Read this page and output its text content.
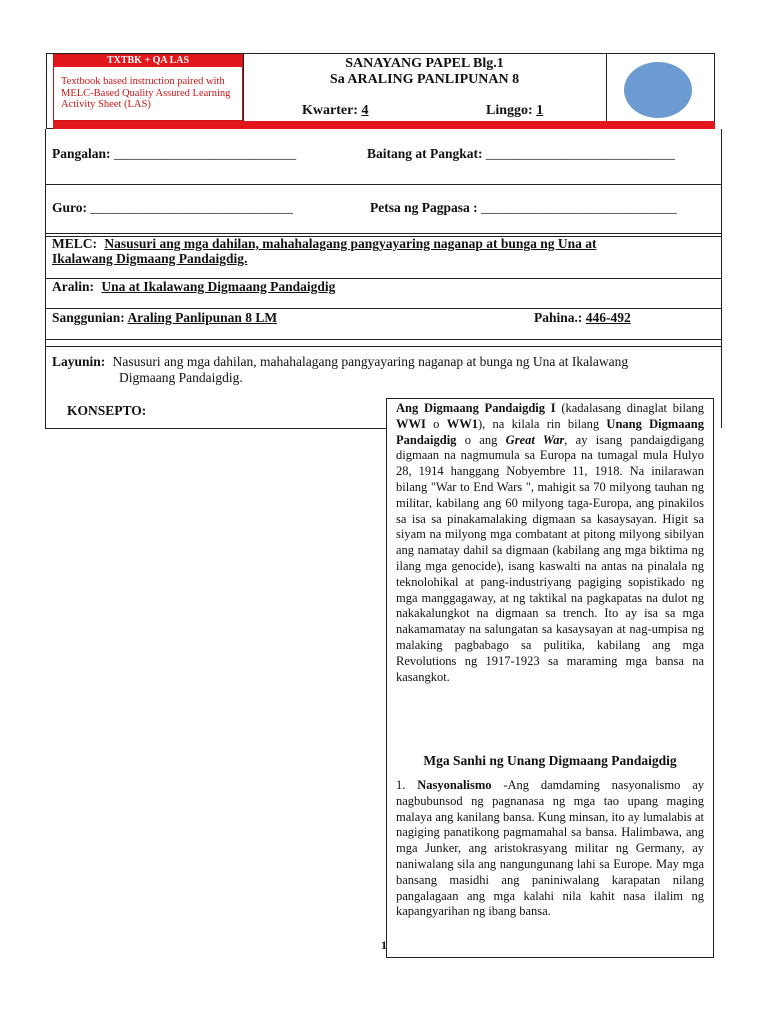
TXTBK + QA LAS
Textbook based instruction paired with MELC-Based Quality Assured Learning Activity Sheet (LAS)
SANAYANG PAPEL Blg.1
Sa ARALING PANLIPUNAN 8
Kwarter: 4	Linggo: 1
Pangalan: ___________________________	Baitang at Pangkat: ____________________________
Guro: ______________________________	Petsa ng Pagpasa : _____________________________
MELC: Nasusuri ang mga dahilan, mahahalagang pangyayaring naganap at bunga ng Una at
Ikalawang Digmaang Pandaigdig.
Aralin: Una at Ikalawang Digmaang Pandaigdig
Sanggunian: Araling Panlipunan 8 LM	Pahina.: 446-492
Layunin: Nasusuri ang mga dahilan, mahahalagang pangyayaring naganap at bunga ng Una at Ikalawang
Digmaang Pandaigdig.
KONSEPTO:	Ang Digmaang Pandaigdig I (kadalasang dinaglat bilang WWI o WW1), na kilala rin bilang Unang Digmaang Pandaigdig o ang Great War, ay isang pandaigdigang digmaan na nagmumula sa Europa na tumagal mula Hulyo 28, 1914 hanggang Nobyembre 11, 1918. Na inilarawan bilang "War to End Wars ", mahigit sa 70 milyong tauhan ng militar, kabilang ang 60 milyong taga-Europa, ang pinakilos sa isa sa pinakamalaking digmaan sa kasaysayan. Higit sa siyam na milyong mga combatant at pitong milyong sibilyan ang namatay dahil sa digmaan (kabilang ang mga biktima ng ilang mga genocide), isang kaswalti na antas na pinalala ng teknolohikal at pang-industriyang pagiging sopistikado ng mga manggagaway, at ng taktikal na pagkapatas na dulot ng nakakalungkot na digmaan sa trench. Ito ay isa sa mga nakamamatay na salungatan sa kasaysayan at nag-umpisa ng malaking pagbabago sa pulitika, kabilang ang mga Revolutions ng 1917-1923 sa maraming mga bansa na kasangkot.
Mga Sanhi ng Unang Digmaang Pandaigdig
1. Nasyonalismo -Ang damdaming nasyonalismo ay nagbubunsod ng pagnanasa ng mga tao upang maging malaya ang kanilang bansa. Kung minsan, ito ay lumalabis at nagiging panatikong pagmamahal sa bansa. Halimbawa, ang mga Junker, ang aristokrasyang militar ng Germany, ay naniwalang sila ang nangungunang lahi sa Europe. May mga bansang masidhi ang paniniwalang karapatan nilang pangalagaan ang mga kalahi nila kahit nasa ilalim ng kapangyarihan ng ibang bansa.
1
